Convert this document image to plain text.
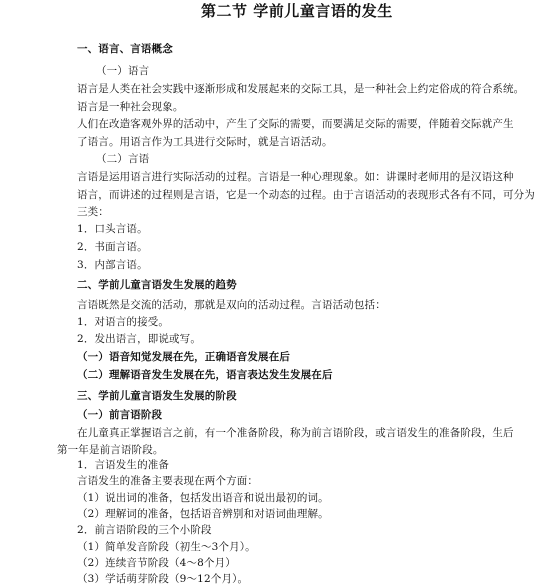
第二节 学前儿童言语的发生
一、语言、言语概念
（一）语言
语言是人类在社会实践中逐渐形成和发展起来的交际工具，是一种社会上约定俗成的符合系统。
语言是一种社会现象。
人们在改造客观外界的活动中，产生了交际的需要，而要满足交际的需要，伴随着交际就产生
了语言。用语言作为工具进行交际时，就是言语活动。
（二）言语
言语是运用语言进行实际活动的过程。言语是一种心理现象。如：讲课时老师用的是汉语这种
语言，而讲述的过程则是言语，它是一个动态的过程。由于言语活动的表现形式各有不同，可分为
三类：
1．口头言语。
2．书面言语。
3．内部言语。
二、学前儿童言语发生发展的趋势
言语既然是交流的活动，那就是双向的活动过程。言语活动包括：
1．对语言的接受。
2．发出语言，即说或写。
（一）语音知觉发展在先，正确语音发展在后
（二）理解语音发生发展在先，语言表达发生发展在后
三、学前儿童言语发生发展的阶段
（一）前言语阶段
在儿童真正掌握语言之前，有一个准备阶段，称为前言语阶段，或言语发生的准备阶段，生后
第一年是前言语阶段。
1．言语发生的准备
言语发生的准备主要表现在两个方面：
（1）说出词的准备，包括发出语音和说出最初的词。
（2）理解词的准备，包括语音辨别和对语词曲理解。
2．前言语阶段的三个小阶段
（1）简单发音阶段（初生～3个月）。
（2）连续音节阶段（4～8个月）
（3）学话萌芽阶段（9～12个月）。
